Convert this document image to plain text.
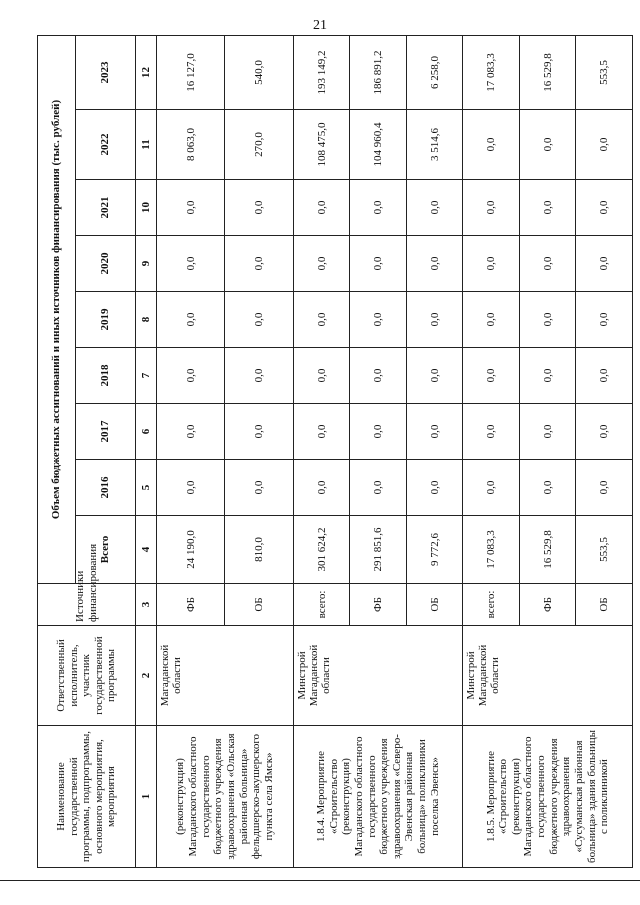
21
Наименование государственной программы, подпрограммы, основного мероприятия, мероприятия	Ответственный исполнитель, участник государственной программы	Источники финансирования	Объем бюджетных ассигнований и иных источников финансирования (тыс. рублей)								
			Всего	2016	2017	2018	2019	2020	2021	2022	2023
1	2	3	4	5	6	7	8	9	10	11	12
(реконструкция) Магаданского областного государственного бюджетного учреждения здравоохранения «Ольская районная больница» фельдшерско-акушерского пункта села Ямск»	Магаданской области	ФБ	24 190,0	0,0	0,0	0,0	0,0	0,0	0,0	8 063,0	16 127,0
		ОБ	810,0	0,0	0,0	0,0	0,0	0,0	0,0	270,0	540,0
1.8.4. Мероприятие «Строительство (реконструкция) Магаданского областного государственного бюджетного учреждения здравоохранения «Северо-Эвенская районная больница» поликлиники поселка Эвенск»	Минстрой Магаданской области	всего:	301 624,2	0,0	0,0	0,0	0,0	0,0	0,0	108 475,0	193 149,2
		ФБ	291 851,6	0,0	0,0	0,0	0,0	0,0	0,0	104 960,4	186 891,2
		ОБ	9 772,6	0,0	0,0	0,0	0,0	0,0	0,0	3 514,6	6 258,0
1.8.5. Мероприятие «Строительство (реконструкция) Магаданского областного государственного бюджетного учреждения здравоохранения «Сусуманская районная больница» здания больницы с поликлиникой	Минстрой Магаданской области	всего:	17 083,3	0,0	0,0	0,0	0,0	0,0	0,0	0,0	17 083,3
		ФБ	16 529,8	0,0	0,0	0,0	0,0	0,0	0,0	0,0	16 529,8
		ОБ	553,5	0,0	0,0	0,0	0,0	0,0	0,0	0,0	553,5
